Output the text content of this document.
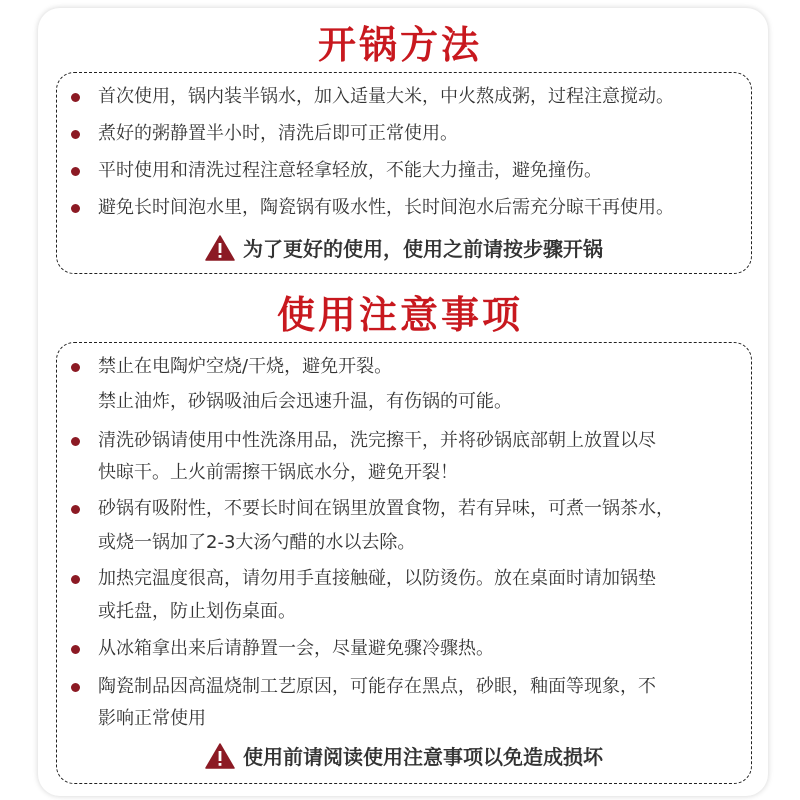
开锅方法
首次使用，锅内装半锅水，加入适量大米，中火熬成粥，过程注意搅动。
煮好的粥静置半小时，清洗后即可正常使用。
平时使用和清洗过程注意轻拿轻放，不能大力撞击，避免撞伤。
避免长时间泡水里，陶瓷锅有吸水性，长时间泡水后需充分晾干再使用。
为了更好的使用，使用之前请按步骤开锅
使用注意事项
禁止在电陶炉空烧/干烧，避免开裂。
禁止油炸，砂锅吸油后会迅速升温，有伤锅的可能。
清洗砂锅请使用中性洗涤用品，洗完擦干，并将砂锅底部朝上放置以尽
快晾干。上火前需擦干锅底水分，避免开裂！
砂锅有吸附性，不要长时间在锅里放置食物，若有异味，可煮一锅茶水，
或烧一锅加了2-3大汤勺醋的水以去除。
加热完温度很高，请勿用手直接触碰，以防烫伤。放在桌面时请加锅垫
或托盘，防止划伤桌面。
从冰箱拿出来后请静置一会，尽量避免骤冷骤热。
陶瓷制品因高温烧制工艺原因，可能存在黑点，砂眼，釉面等现象，不
影响正常使用
使用前请阅读使用注意事项以免造成损坏
